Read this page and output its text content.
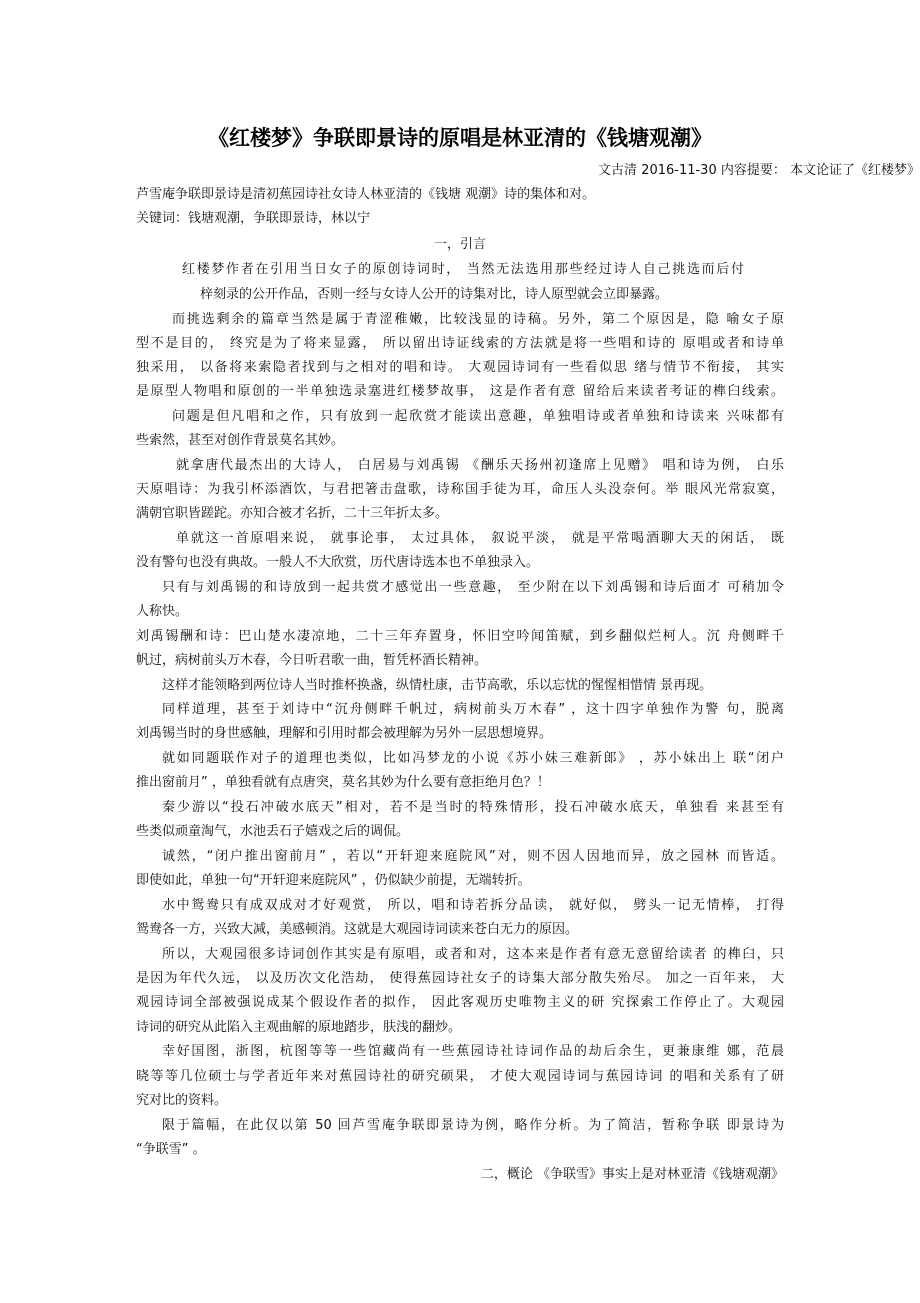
《红楼梦》争联即景诗的原唱是林亚清的《钱塘观潮》
文古清 2016-11-30 内容提要： 本文论证了《红楼梦》
芦雪庵争联即景诗是清初蕉园诗社女诗人林亚清的《钱塘 观潮》诗的集体和对。
关键词：钱塘观潮，争联即景诗，林以宁
一，引言
红楼梦作者在引用当日女子的原创诗词时， 当然无法选用那些经过诗人自己挑选而后付
梓刻录的公开作品，否则一经与女诗人公开的诗集对比，诗人原型就会立即暴露。
而挑选剩余的篇章当然是属于青涩稚嫩，比较浅显的诗稿。另外，第二个原因是，隐 喻女子原
型不是目的， 终究是为了将来显露， 所以留出诗证线索的方法就是将一些唱和诗的 原唱或者和诗单
独采用， 以备将来索隐者找到与之相对的唱和诗。 大观园诗词有一些看似思 绪与情节不衔接， 其实
是原型人物唱和原创的一半单独选录塞进红楼梦故事， 这是作者有意 留给后来读者考证的榫臼线索。
问题是但凡唱和之作，只有放到一起欣赏才能读出意趣，单独唱诗或者单独和诗读来 兴味都有
些索然，甚至对创作背景莫名其妙。
就拿唐代最杰出的大诗人， 白居易与刘禹锡 《酬乐天扬州初逢席上见赠》 唱和诗为例， 白乐
天原唱诗：为我引杯添酒饮，与君把箸击盘歌，诗称国手徒为耳，命压人头没奈何。举 眼风光常寂寞，
满朝官职皆蹉跎。亦知合被才名折，二十三年折太多。
单就这一首原唱来说， 就事论事， 太过具体， 叙说平淡， 就是平常喝酒聊大天的闲话， 既
没有警句也没有典故。一般人不大欣赏，历代唐诗选本也不单独录入。
只有与刘禹锡的和诗放到一起共赏才感觉出一些意趣， 至少附在以下刘禹锡和诗后面才 可稍加令
人称快。
刘禹锡酬和诗：巴山楚水凄凉地，二十三年弃置身，怀旧空吟闻笛赋，到乡翻似烂柯人。沉 舟侧畔千
帆过，病树前头万木春，今日听君歌一曲，暂凭杯酒长精神。
这样才能领略到两位诗人当时推杯换盏，纵情杜康，击节高歌，乐以忘忧的惺惺相惜情 景再现。
同样道理，甚至于刘诗中“沉舟侧畔千帆过，病树前头万木春” ，这十四字单独作为警 句，脱离
刘禹锡当时的身世感触，理解和引用时都会被理解为另外一层思想境界。
就如同题联作对子的道理也类似，比如冯梦龙的小说《苏小妹三难新郎》 ，苏小妹出上 联“闭户
推出窗前月” ，单独看就有点唐突，莫名其妙为什么要有意拒绝月色？！
秦少游以“投石冲破水底天”相对，若不是当时的特殊情形，投石冲破水底天，单独看 来甚至有
些类似顽童淘气，水池丢石子嬉戏之后的调侃。
诚然，“闭户推出窗前月” ，若以“开轩迎来庭院风”对，则不因人因地而异，放之园林 而皆适。
即使如此，单独一句“开轩迎来庭院风” ，仍似缺少前提，无端转折。
水中鸳鸯只有成双成对才好观赏， 所以，唱和诗若拆分品读， 就好似， 劈头一记无情棒， 打得
鸳鸯各一方，兴致大减，美感顿消。这就是大观园诗词读来苍白无力的原因。
所以，大观园很多诗词创作其实是有原唱，或者和对，这本来是作者有意无意留给读者 的榫臼，只
是因为年代久远， 以及历次文化浩劫， 使得蕉园诗社女子的诗集大部分散失殆尽。 加之一百年来， 大
观园诗词全部被强说成某个假设作者的拟作， 因此客观历史唯物主义的研 究探索工作停止了。大观园
诗词的研究从此陷入主观曲解的原地踏步，肤浅的翻炒。
幸好国图，浙图，杭图等等一些馆藏尚有一些蕉园诗社诗词作品的劫后余生，更兼康维 娜，范晨
晓等等几位硕士与学者近年来对蕉园诗社的研究硕果， 才使大观园诗词与蕉园诗词 的唱和关系有了研
究对比的资料。
限于篇幅，在此仅以第 50 回芦雪庵争联即景诗为例，略作分析。为了简洁，暂称争联 即景诗为
“争联雪” 。
二，概论 《争联雪》事实上是对林亚清《钱塘观潮》
